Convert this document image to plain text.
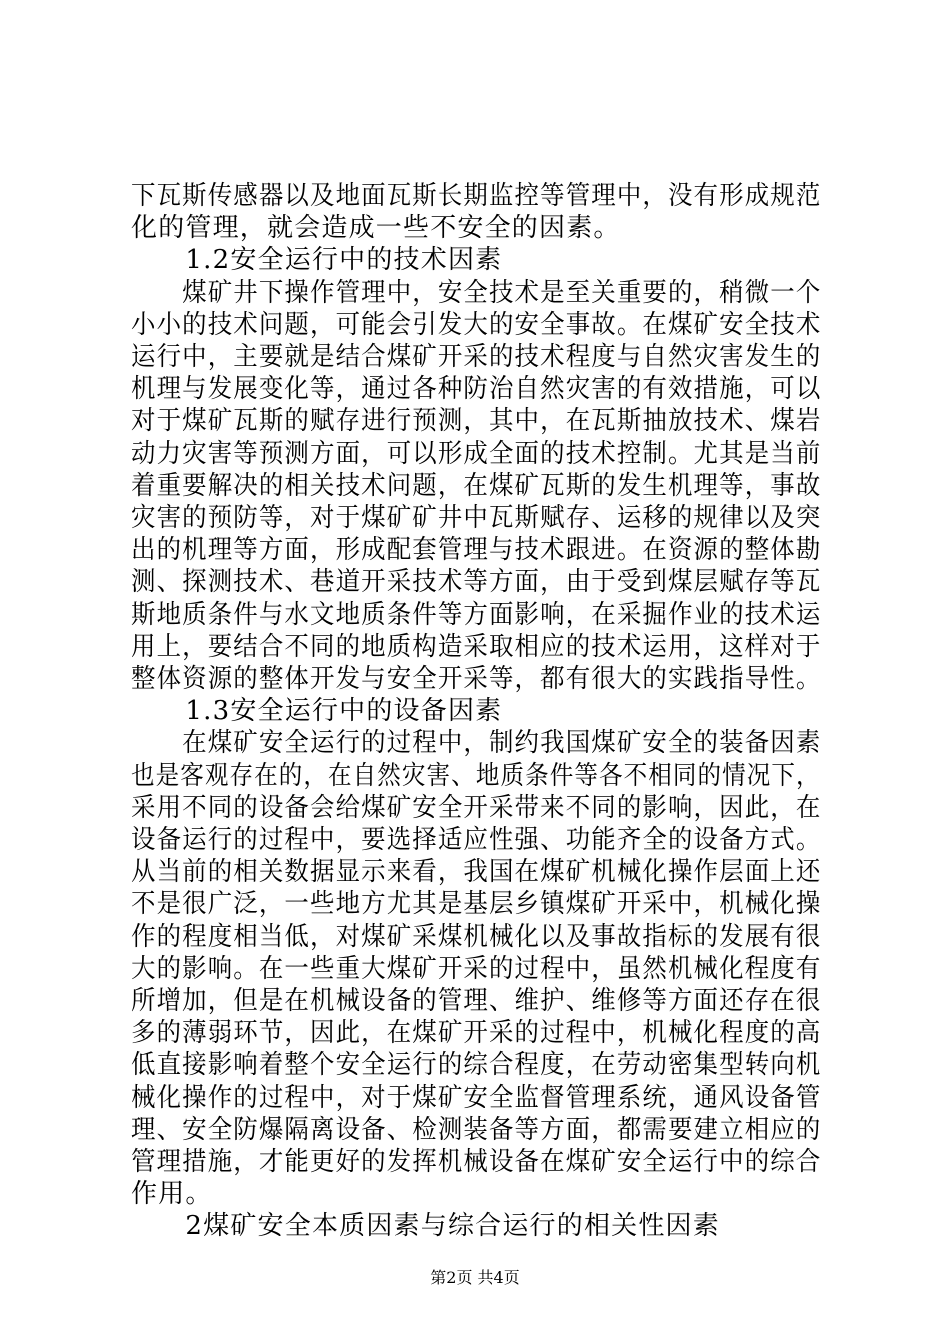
下瓦斯传感器以及地面瓦斯长期监控等管理中，没有形成规范
化的管理，就会造成一些不安全的因素。
　　1.2安全运行中的技术因素
　　煤矿井下操作管理中，安全技术是至关重要的，稍微一个
小小的技术问题，可能会引发大的安全事故。在煤矿安全技术
运行中，主要就是结合煤矿开采的技术程度与自然灾害发生的
机理与发展变化等，通过各种防治自然灾害的有效措施，可以
对于煤矿瓦斯的赋存进行预测，其中，在瓦斯抽放技术、煤岩
动力灾害等预测方面，可以形成全面的技术控制。尤其是当前
着重要解决的相关技术问题，在煤矿瓦斯的发生机理等，事故
灾害的预防等，对于煤矿矿井中瓦斯赋存、运移的规律以及突
出的机理等方面，形成配套管理与技术跟进。在资源的整体勘
测、探测技术、巷道开采技术等方面，由于受到煤层赋存等瓦
斯地质条件与水文地质条件等方面影响，在采掘作业的技术运
用上，要结合不同的地质构造采取相应的技术运用，这样对于
整体资源的整体开发与安全开采等，都有很大的实践指导性。
　　1.3安全运行中的设备因素
　　在煤矿安全运行的过程中，制约我国煤矿安全的装备因素
也是客观存在的，在自然灾害、地质条件等各不相同的情况下，
采用不同的设备会给煤矿安全开采带来不同的影响，因此，在
设备运行的过程中，要选择适应性强、功能齐全的设备方式。
从当前的相关数据显示来看，我国在煤矿机械化操作层面上还
不是很广泛，一些地方尤其是基层乡镇煤矿开采中，机械化操
作的程度相当低，对煤矿采煤机械化以及事故指标的发展有很
大的影响。在一些重大煤矿开采的过程中，虽然机械化程度有
所增加，但是在机械设备的管理、维护、维修等方面还存在很
多的薄弱环节，因此，在煤矿开采的过程中，机械化程度的高
低直接影响着整个安全运行的综合程度，在劳动密集型转向机
械化操作的过程中，对于煤矿安全监督管理系统，通风设备管
理、安全防爆隔离设备、检测装备等方面，都需要建立相应的
管理措施，才能更好的发挥机械设备在煤矿安全运行中的综合
作用。
　　2煤矿安全本质因素与综合运行的相关性因素
第2页 共4页
